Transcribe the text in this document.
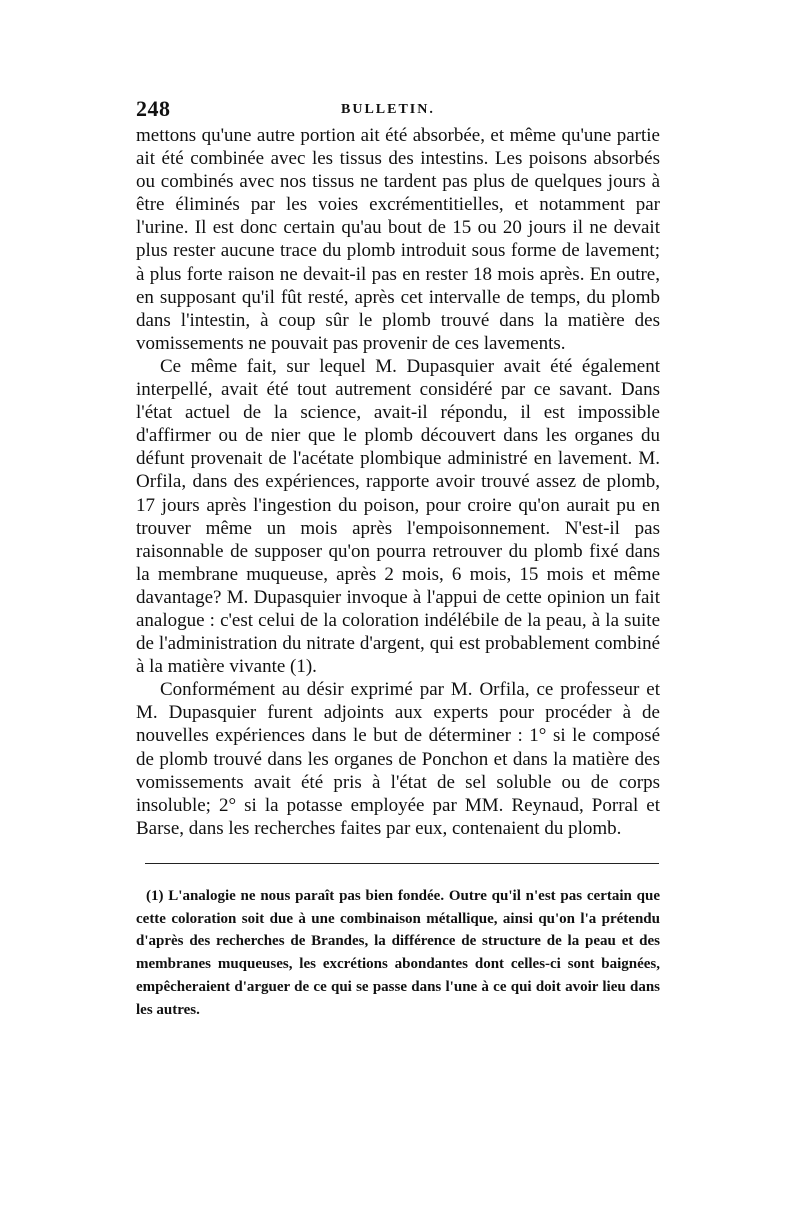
248	BULLETIN.

mettons qu'une autre portion ait été absorbée, et même qu'une partie ait été combinée avec les tissus des intestins. Les poisons absorbés ou combinés avec nos tissus ne tardent pas plus de quelques jours à être éliminés par les voies excrémentitielles, et notamment par l'urine. Il est donc certain qu'au bout de 15 ou 20 jours il ne devait plus rester aucune trace du plomb introduit sous forme de lavement; à plus forte raison ne devait-il pas en rester 18 mois après. En outre, en supposant qu'il fût resté, après cet intervalle de temps, du plomb dans l'intestin, à coup sûr le plomb trouvé dans la matière des vomissements ne pouvait pas provenir de ces lavements.

Ce même fait, sur lequel M. Dupasquier avait été également interpellé, avait été tout autrement considéré par ce savant. Dans l'état actuel de la science, avait-il répondu, il est impossible d'affirmer ou de nier que le plomb découvert dans les organes du défunt provenait de l'acétate plombique administré en lavement. M. Orfila, dans des expériences, rapporte avoir trouvé assez de plomb, 17 jours après l'ingestion du poison, pour croire qu'on aurait pu en trouver même un mois après l'empoisonnement. N'est-il pas raisonnable de supposer qu'on pourra retrouver du plomb fixé dans la membrane muqueuse, après 2 mois, 6 mois, 15 mois et même davantage? M. Dupasquier invoque à l'appui de cette opinion un fait analogue : c'est celui de la coloration indélébile de la peau, à la suite de l'administration du nitrate d'argent, qui est probablement combiné à la matière vivante (1).

Conformément au désir exprimé par M. Orfila, ce professeur et M. Dupasquier furent adjoints aux experts pour procéder à de nouvelles expériences dans le but de déterminer : 1° si le composé de plomb trouvé dans les organes de Ponchon et dans la matière des vomissements avait été pris à l'état de sel soluble ou de corps insoluble; 2° si la potasse employée par MM. Reynaud, Porral et Barse, dans les recherches faites par eux, contenaient du plomb.

(1) L'analogie ne nous paraît pas bien fondée. Outre qu'il n'est pas certain que cette coloration soit due à une combinaison métallique, ainsi qu'on l'a prétendu d'après des recherches de Brandes, la différence de structure de la peau et des membranes muqueuses, les excrétions abondantes dont celles-ci sont baignées, empêcheraient d'arguer de ce qui se passe dans l'une à ce qui doit avoir lieu dans les autres.
